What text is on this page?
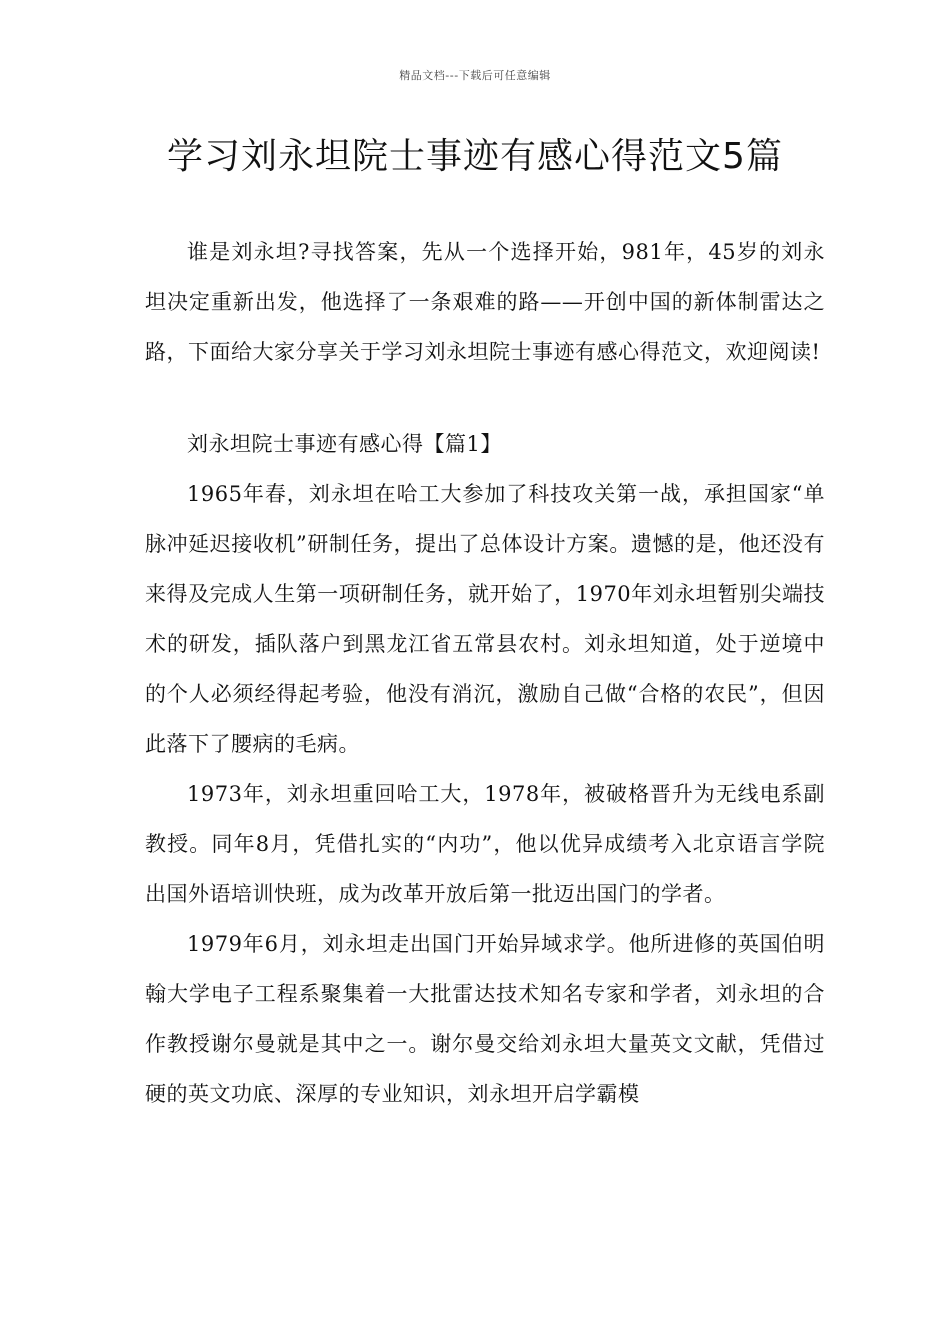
精品文档---下载后可任意编辑
学习刘永坦院士事迹有感心得范文5篇

谁是刘永坦?寻找答案，先从一个选择开始，981年，45岁的刘永坦决定重新出发，他选择了一条艰难的路——开创中国的新体制雷达之路，下面给大家分享关于学习刘永坦院士事迹有感心得范文，欢迎阅读!

刘永坦院士事迹有感心得【篇1】

1965年春，刘永坦在哈工大参加了科技攻关第一战，承担国家“单脉冲延迟接收机”研制任务，提出了总体设计方案。遗憾的是，他还没有来得及完成人生第一项研制任务，就开始了，1970年刘永坦暂别尖端技术的研发，插队落户到黑龙江省五常县农村。刘永坦知道，处于逆境中的个人必须经得起考验，他没有消沉，激励自己做“合格的农民”，但因此落下了腰病的毛病。

1973年，刘永坦重回哈工大，1978年，被破格晋升为无线电系副教授。同年8月，凭借扎实的“内功”，他以优异成绩考入北京语言学院出国外语培训快班，成为改革开放后第一批迈出国门的学者。

1979年6月，刘永坦走出国门开始异域求学。他所进修的英国伯明翰大学电子工程系聚集着一大批雷达技术知名专家和学者，刘永坦的合作教授谢尔曼就是其中之一。谢尔曼交给刘永坦大量英文文献，凭借过硬的英文功底、深厚的专业知识，刘永坦开启学霸模
